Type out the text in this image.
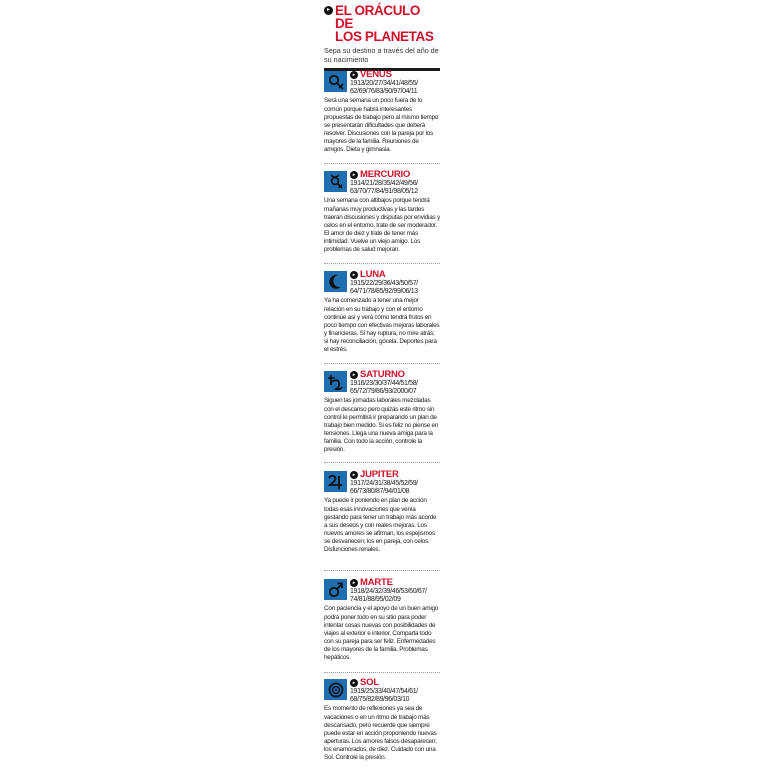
▸ EL ORÁCULO DE
LOS PLANETAS
Sepa su destino a través del año de su nacimiento
▸ VENUS
1913/20/27/34/41/48/55/ 62/69/76/83/90/97/04/11
Será una semana un poco fuera de lo común porque habrá interesantes propuestas de trabajo pero al mismo tiempo se presentarán dificultades que deberá resolver. Discusiones con la pareja por los mayores de la familia. Reuniones de amigos. Dieta y gimnasia.
▸ MERCURIO
1914/21/28/35/42/49/56/ 63/70/77/84/91/98/05/12
Una semana con altibajos porque tendrá mañanas muy productivas y las tardes traerán discusiones y disputas por envidias y celos en el entorno, trate de ser moderador. El amor de diez y trate de tener más intimidad. Vuelve un viejo amigo. Los problemas de salud mejoran.
▸ LUNA
1915/22/29/36/43/50/57/ 64/71/78/85/92/99/06/13
Ya ha comenzado a tener una mejor relación en su trabajo y con el entorno continúe así y verá cómo tendrá frutos en poco tiempo con efectivas mejoras laborales y financieras. Si hay ruptura, no mire atrás; si hay reconciliación, gócela. Deportes para el estrés.
▸ SATURNO
1916/23/30/37/44/51/58/ 65/72/79/86/93/2000/07
Siguen las jornadas laborales mezcladas con el descanso pero quizás este ritmo sin control le permitirá ir preparando un plan de trabajo bien medido. Si es feliz no piense en tensiones. Llega una nueva amiga para la familia. Con todo la acción, controle la presión.
▸ JUPITER
1917/24/31/38/45/52/59/ 66/73/80/87/94/01/08
Ya puede ir poniendo en plan de acción todas esas innovaciones que venía gestando para tener un trabajo más acorde a sus deseos y con reales mejoras. Los nuevos amores se afirman, los espejismos se desvanecen; los en pareja, con celos. Disfunciones renales.
▸ MARTE
1918/24/32/39/46/53/60/67/ 74/81/88/95/02/09
Con paciencia y el apoyo de un buen amigo podrá poner todo en su sitio para poder intentar cosas nuevas con posibilidades de viajes al exterior e interior. Comparta todo con su pareja para ser feliz. Enfermedades de los mayores de la familia. Problemas hepáticos.
▸ SOL
1919/25/33/40/47/54/61/ 68/75/82/89/96/03/10
Es momento de reflexiones ya sea de vacaciones o en un ritmo de trabajo más descansado, pero recuerde que siempre puede estar en acción proponiendo nuevas aperturas. Los amores falsos desaparecen; los enamorados, de diez. Cuidado con una Sol. Controle la presión.
